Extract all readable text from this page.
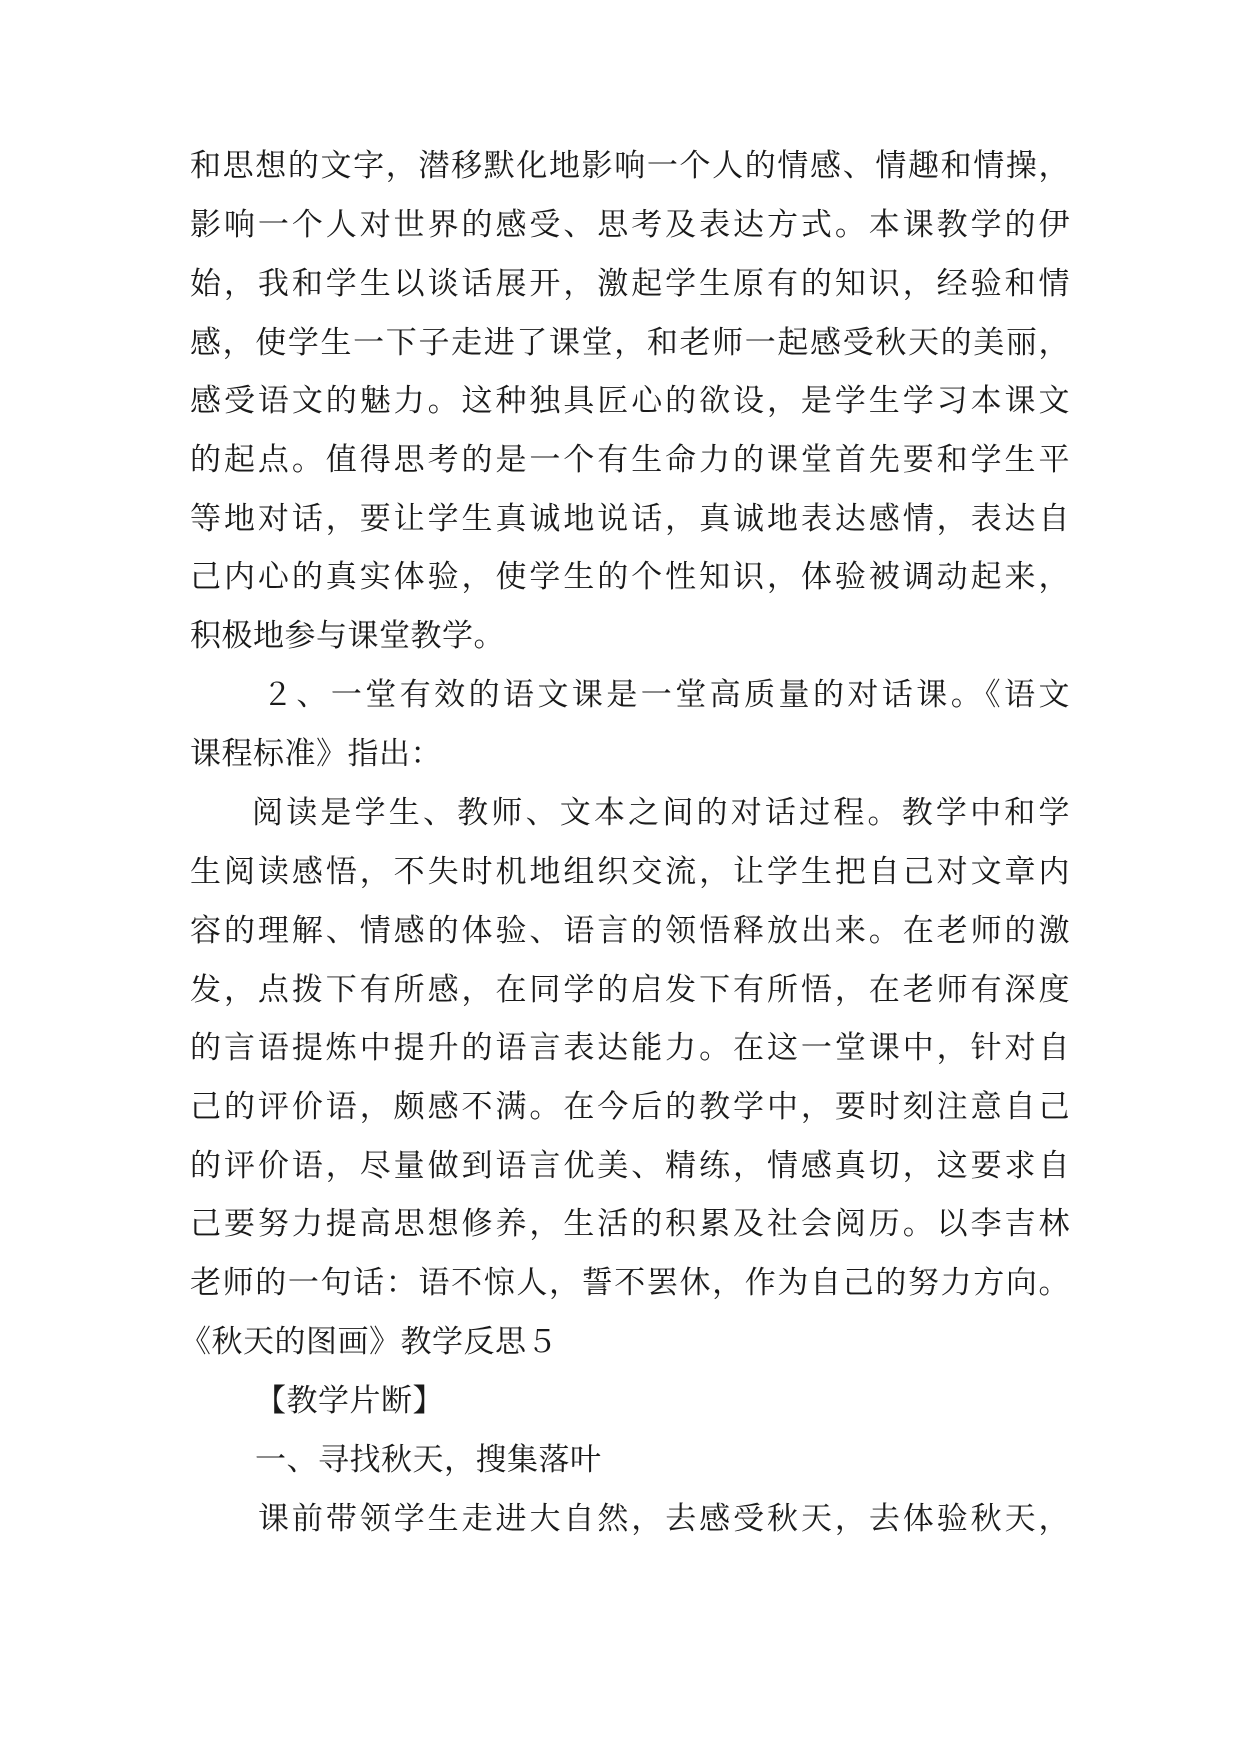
和思想的文字，潜移默化地影响一个人的情感、情趣和情操，
影响一个人对世界的感受、思考及表达方式。本课教学的伊
始，我和学生以谈话展开，激起学生原有的知识，经验和情
感，使学生一下子走进了课堂，和老师一起感受秋天的美丽，
感受语文的魅力。这种独具匠心的欲设，是学生学习本课文
的起点。值得思考的是一个有生命力的课堂首先要和学生平
等地对话，要让学生真诚地说话，真诚地表达感情，表达自
己内心的真实体验，使学生的个性知识，体验被调动起来，
积极地参与课堂教学。
２、一堂有效的语文课是一堂高质量的对话课。《语文
课程标准》指出：
阅读是学生、教师、文本之间的对话过程。教学中和学
生阅读感悟，不失时机地组织交流，让学生把自己对文章内
容的理解、情感的体验、语言的领悟释放出来。在老师的激
发，点拨下有所感，在同学的启发下有所悟，在老师有深度
的言语提炼中提升的语言表达能力。在这一堂课中，针对自
己的评价语，颇感不满。在今后的教学中，要时刻注意自己
的评价语，尽量做到语言优美、精练，情感真切，这要求自
己要努力提高思想修养，生活的积累及社会阅历。以李吉林
老师的一句话：语不惊人，誓不罢休，作为自己的努力方向。
《秋天的图画》教学反思５
【教学片断】
一、寻找秋天，搜集落叶
课前带领学生走进大自然，去感受秋天，去体验秋天，
